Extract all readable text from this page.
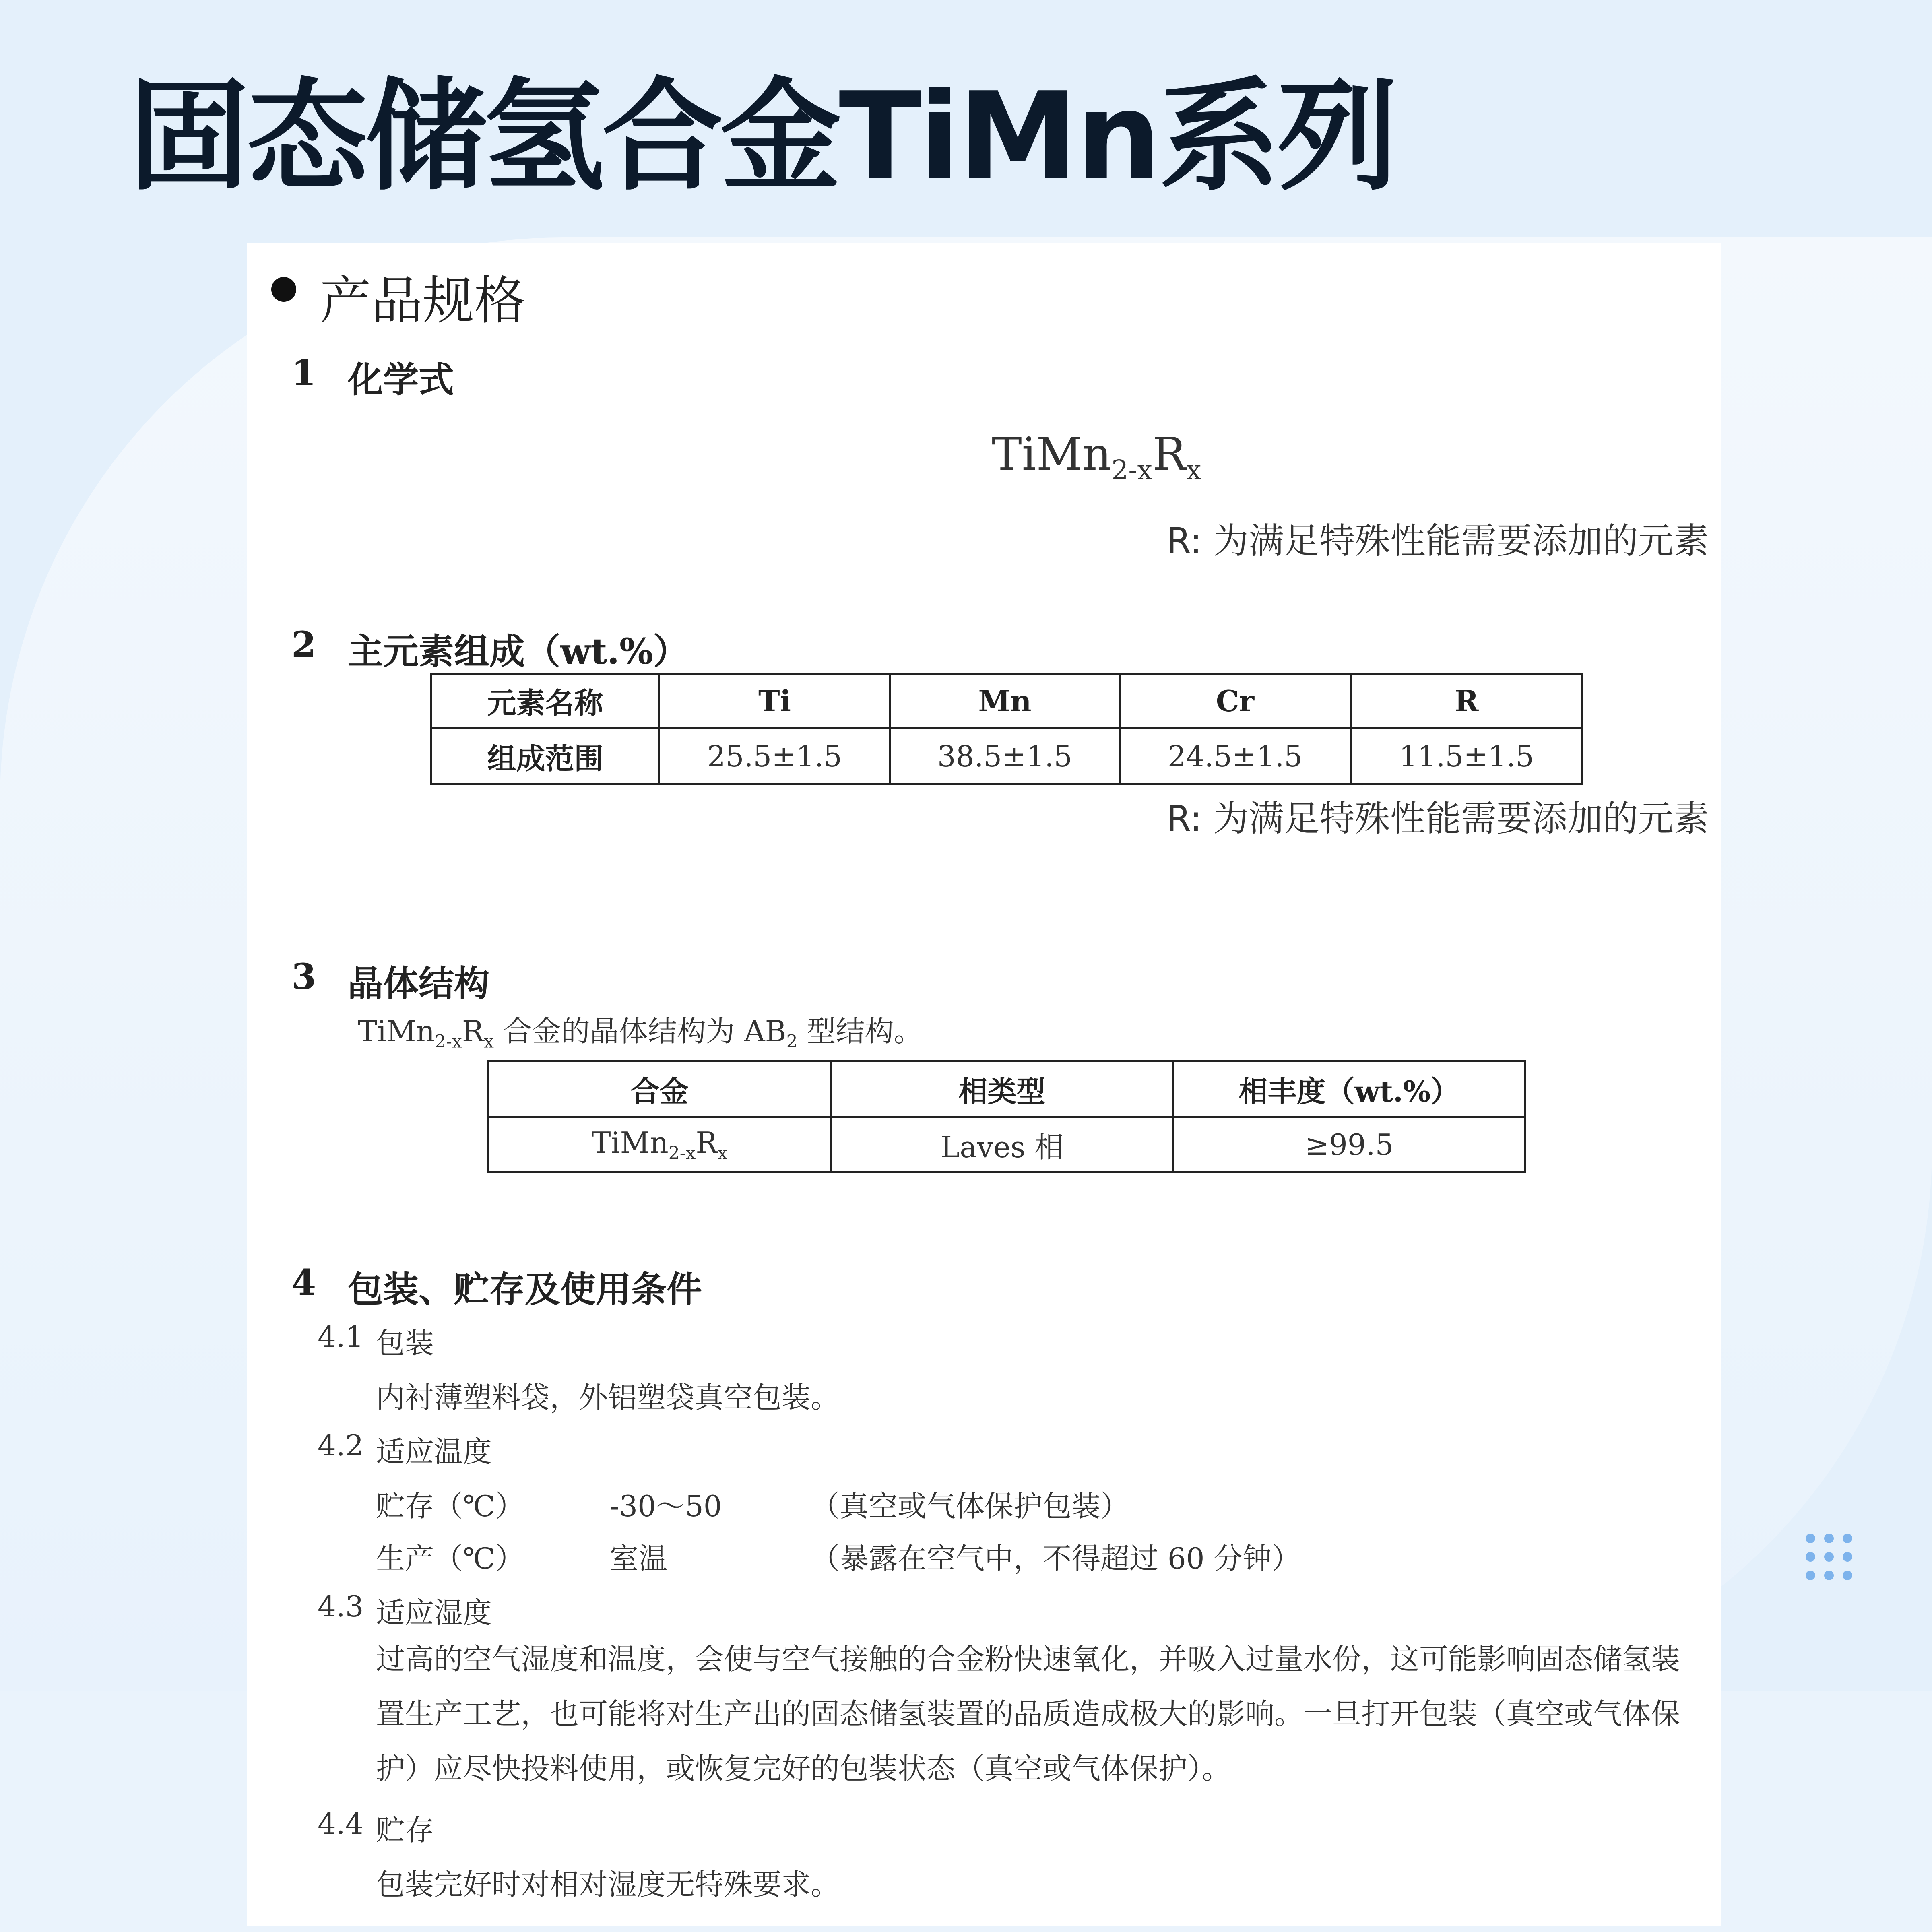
固态储氢合金TiMn系列
产品规格
1 化学式
$TiMn_{2-x}R_x$
R: 为满足特殊性能需要添加的元素
2 主元素组成（wt.%）
元素名称	Ti	Mn	Cr	R
组成范围	25.5±1.5	38.5±1.5	24.5±1.5	11.5±1.5
R: 为满足特殊性能需要添加的元素
3 晶体结构
$TiMn_{2-x}R_x$ 合金的晶体结构为 $AB_2$ 型结构。
合金	相类型	相丰度（wt.%）
$TiMn_{2-x}R_x$	Laves 相	≥99.5
4 包装、贮存及使用条件
4.1 包装
内衬薄塑料袋，外铝塑袋真空包装。
4.2 适应温度
贮存（℃）	-30～50	（真空或气体保护包装）
生产（℃）	室温	（暴露在空气中，不得超过 60 分钟）
4.3 适应湿度
过高的空气湿度和温度，会使与空气接触的合金粉快速氧化，并吸入过量水份，这可能影响固态储氢装置生产工艺，也可能将对生产出的固态储氢装置的品质造成极大的影响。一旦打开包装（真空或气体保护）应尽快投料使用，或恢复完好的包装状态（真空或气体保护）。
4.4 贮存
包装完好时对相对湿度无特殊要求。
